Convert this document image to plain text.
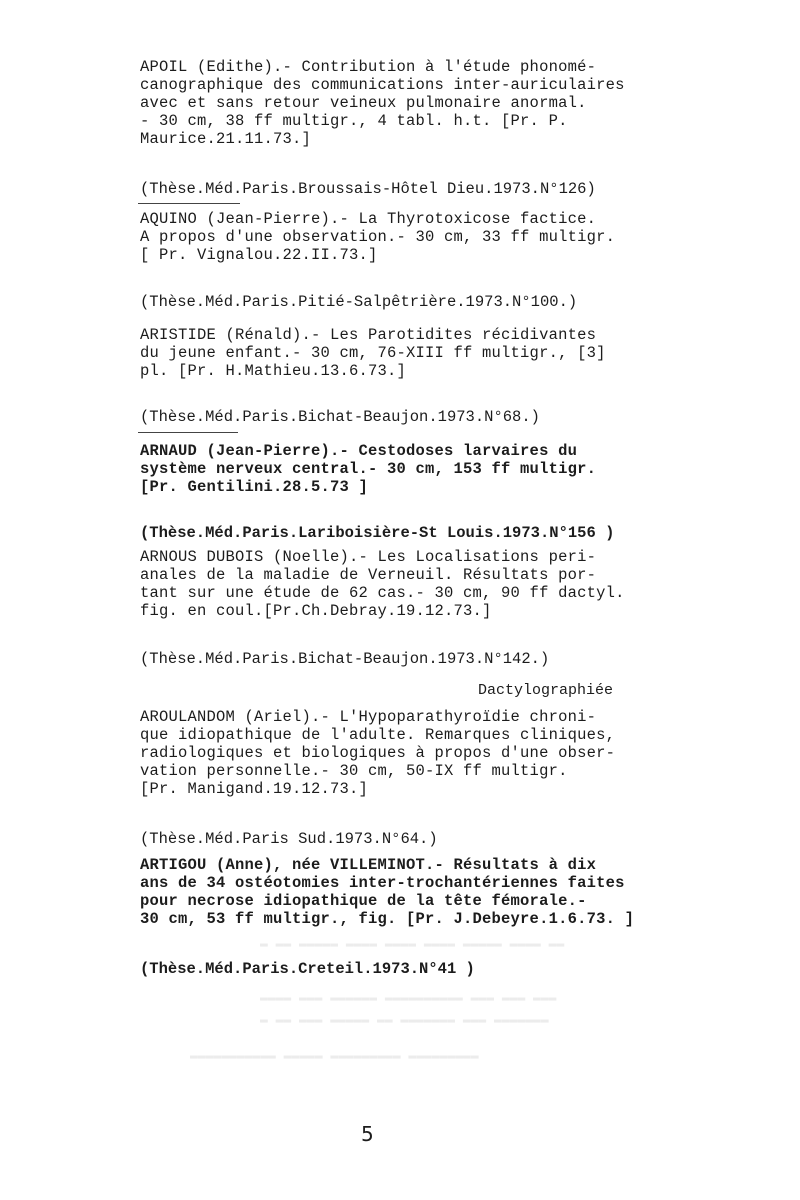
▬ ▬▬ ▬▬▬▬▬ ▬▬▬▬ ▬▬▬▬ ▬▬▬▬ ▬▬▬▬▬ ▬▬▬▬ ▬▬
▬▬▬▬ ▬▬▬ ▬▬▬▬▬▬ ▬▬▬▬▬▬▬▬▬▬ ▬▬▬ ▬▬▬ ▬▬▬
▬ ▬▬ ▬▬▬ ▬▬▬▬▬ ▬▬ ▬▬▬▬▬▬▬ ▬▬▬ ▬▬▬▬▬▬▬
▬▬▬▬▬▬▬▬▬▬▬ ▬▬▬▬▬ ▬▬▬▬▬▬▬▬▬ ▬▬▬▬▬▬▬▬▬
APOIL (Edithe).- Contribution à l'étude phonomé-
canographique des communications inter-auriculaires
avec et sans retour veineux pulmonaire anormal.
- 30 cm, 38 ff multigr., 4 tabl. h.t. [Pr. P.
Maurice.21.11.73.]
(Thèse.Méd.Paris.Broussais-Hôtel Dieu.1973.N°126)
AQUINO (Jean-Pierre).- La Thyrotoxicose factice.
A propos d'une observation.- 30 cm, 33 ff multigr.
[ Pr. Vignalou.22.II.73.]
(Thèse.Méd.Paris.Pitié-Salpêtrière.1973.N°100.)
ARISTIDE (Rénald).- Les Parotidites récidivantes
du jeune enfant.- 30 cm, 76-XIII ff multigr., [3]
pl. [Pr. H.Mathieu.13.6.73.]
(Thèse.Méd.Paris.Bichat-Beaujon.1973.N°68.)
ARNAUD (Jean-Pierre).- Cestodoses larvaires du
système nerveux central.- 30 cm, 153 ff multigr.
[Pr. Gentilini.28.5.73 ]
(Thèse.Méd.Paris.Lariboisière-St Louis.1973.N°156 )
ARNOUS DUBOIS (Noelle).- Les Localisations peri-
anales de la maladie de Verneuil. Résultats por-
tant sur une étude de 62 cas.- 30 cm, 90 ff dactyl.
fig. en coul.[Pr.Ch.Debray.19.12.73.]
(Thèse.Méd.Paris.Bichat-Beaujon.1973.N°142.)
Dactylographiée
AROULANDOM (Ariel).- L'Hypoparathyroïdie chroni-
que idiopathique de l'adulte. Remarques cliniques,
radiologiques et biologiques à propos d'une obser-
vation personnelle.- 30 cm, 50-IX ff multigr.
[Pr. Manigand.19.12.73.]
(Thèse.Méd.Paris Sud.1973.N°64.)
ARTIGOU (Anne), née VILLEMINOT.- Résultats à dix
ans de 34 ostéotomies inter-trochantériennes faites
pour necrose idiopathique de la tête fémorale.-
30 cm, 53 ff multigr., fig. [Pr. J.Debeyre.1.6.73. ]
(Thèse.Méd.Paris.Creteil.1973.N°41 )
5
